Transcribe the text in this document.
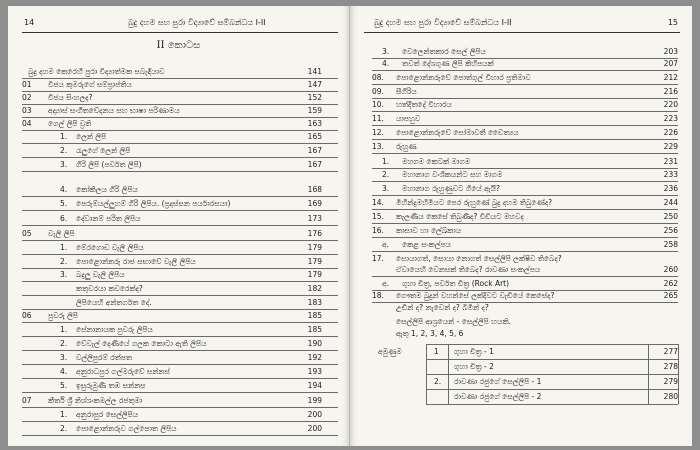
14	බුදු දහම සහ පුරා විද්‍යාවේ සම්බන්ධය I-II
II කොටස
බුදු දහම කෙරෙහි පුරා විද්‍යාත්මක සබැඳියාව	141
01 විජය කුමරුගේ සම්ප්‍රාප්තිය	147
02 විජය සිංහලද?	152
03 අද්‍යාස් සංගීතවේදනය සහ භාෂා පරිණාමය	159
04 ගෙල් ලිපි ව්‍රති	163
1. ලෙන් ලිපි	165
2. රැලුගේ ලෙන් ලිපි	167
3. ගිරි ලිපි (පර්වත ලිපි)	167
4. කෝකිලය ගිරි ලිපිය	168
5. පෙරුම්යල්ලුහම් ගිරි ලිපිය. (ප්‍රදස්සන පර්යාරසයා)	169
6. දේවානම් පරිත ලිපිය	173
05 වැලි ලිපි	176
1. මේරගොඩ වැලි ලිපිය	179
2. පොළොන්නරු රාජ සභාවේ වැලි ලිපිය	179
3. බදුලු වැලි ලිපිය	179
කතුවරයා කවරෙක්ද?	182
ලිපියෙහි අන්තර්ගත දේ.	183
06 පුවරු ලිපි	185
1. සේනානායක පුවරු ලිපිය	185
2. වේවැල් දෙණියේ ගලක කොටා ඇති ලිපිය	190
3. වල්ලිපුරම් රත්පත	192
4. අනුරාධපුර ගල්මරුවේ සන්නස්	193
5. ඉසුරුමුණි තඹ සන්නස	194
07 කීර්ති ශ්‍රී නිශ්ශංකමල්ල රජතුමා	199
1. අනුරාපුර සෙල්ලිපිය	200
2. පොළොන්නරුව ගල්පොත ලිපිය	200
බුදු දහම සහ පුරා විද්‍යාවේ සම්බන්ධය I-II	15
3. වෙලෙන්තකාර සෙල් ලිපිය	203
4. තවත් දේශගුණ ලිපි කිහිපයක්	207
08. පොළොන්නරුවේ පොත්ගුල් විහාර ප්‍රතිමාව	212
09. සීගිරිය	216
10. හත්දීතදේ විහාරය	220
11. යාපහුව	223
12. පොළොන්නරුවේ සෝමාවතී චෛත්‍යය	226
13. රුහුණ	229
1. මහගම කෙටක් මාගම	231
2. මහානාග වංශිකයන්ට සහ මාගම	233
3. මහානාග රුහුණුවට ගියේ ඇයි?	236
14. මිහින්දුමහිමියට පෙර රුහුණේ බුදු දහම තිබුණේද?	244
15. කැලණිය කෙසේ තිබුණිද? විඩියට මහවද	250
16. කාසාව හා ලේඛ්කාය	256
අ. කෙළ සංකල්පය	258
17. සොයාගත්, සොයා නොගත් සෙල්ලිපි ලක්ෂිව තිබෙද?
ඒවායෙහි වෙනසක් තිබෙද? රාවණා සංකල්පය	260
අ. ගුහා චිත්‍ර, පර්වත චිත්‍ර (Rock Art)	262
18. ගෞතම බුදුන් වහන්සේ ලක්දිවට වැඩියේ කෙසේද?	265
උඩින් ද? නැවෙන් ද? බිමින් ද?
සෙල්ලිපි ආශ්‍රයෙන් - සෙල්ලිපි හයකි.
ඇතු 1, 2, 3, 4, 5, 6
අමුණුම	1 ගුහා චිත්‍ර - 1	277
ගුහා චිත්‍ර - 2	278
2. රාවණා රජුගේ සෙල්ලිපි - 1	279
රාවණා රජුගේ සෙල්ලිපි - 2	280
